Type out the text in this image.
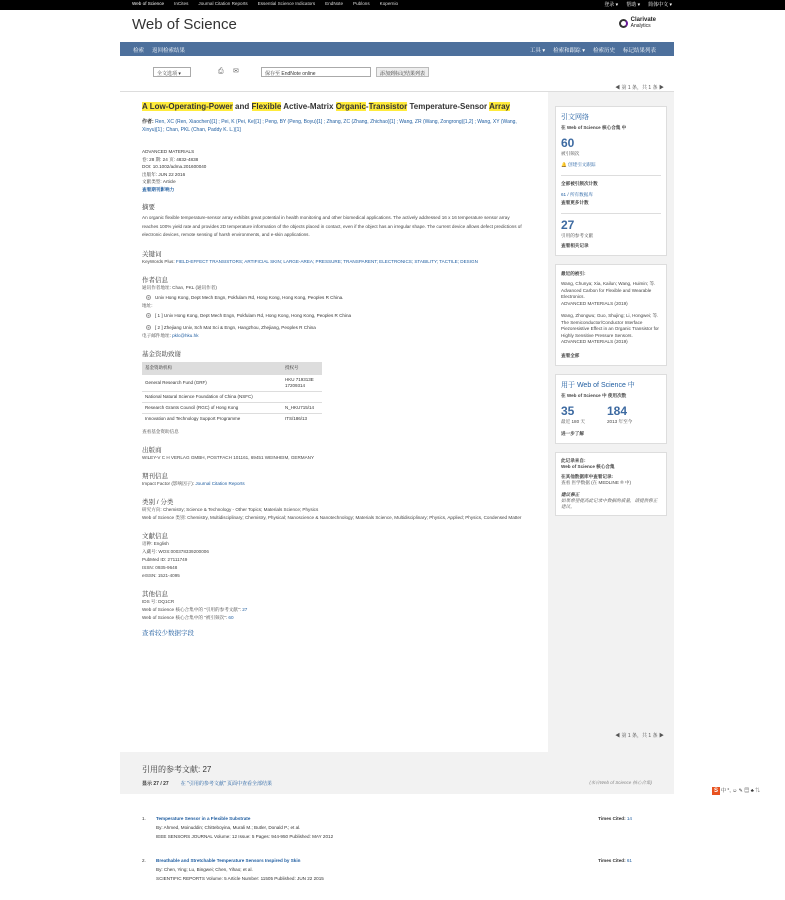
Web of Science InCites Journal Citation Reports Essential Science Indicators EndNote Publons Kopernio	登录 ▾ 帮助 ▾ 简体中文 ▾
Web of Science	Clarivate
Analytics
检索 返回检索结果	工具 ▾ 检索和跟踪 ▾ 检索历史 标记结果列表
全文选项 ▾	⎙	✉	保存至 EndNote online	添加到标记结果列表
◀ 第 1 条，共 1 条 ▶
A Low-Operating-Power and Flexible Active-Matrix Organic-Transistor Temperature-Sensor Array
作者: Ren, XC (Ren, Xiaochen)[1] ; Pei, K (Pei, Ke)[1] ; Peng, BY (Peng, Boyu)[1] ; Zhang, ZC (Zhang, Zhichao)[1] ; Wang, ZR (Wang, Zongrong)[1,2] ; Wang, XY (Wang, Xinyu)[1] ; Chan, PKL (Chan, Paddy K. L.)[1]
ADVANCED MATERIALS
卷: 28 期: 24 页: 4832-4838
DOI: 10.1002/adma.201600040
出版年: JUN 22 2016
文献类型: Article
查看期刊影响力
摘要
An organic flexible temperature-sensor array exhibits great potential in health monitoring and other biomedical applications. The actively addressed 16 x 16 temperature sensor array reaches 100% yield rate and provides 2D temperature information of the objects placed in contact, even if the object has an irregular shape. The current device allows defect predictions of electronic devices, remote sensing of harsh environments, and e-skin applications.
关键词
KeyWords Plus: FIELD-EFFECT TRANSISTORS; ARTIFICIAL SKIN; LARGE-AREA; PRESSURE; TRANSPARENT; ELECTRONICS; STABILITY; TACTILE; DESIGN
作者信息
通讯作者地址: Chan, PKL (通讯作者)
+ Univ Hong Kong, Dept Mech Engn, Pokfulam Rd, Hong Kong, Hong Kong, Peoples R China.
地址:
+ [ 1 ] Univ Hong Kong, Dept Mech Engn, Pokfulam Rd, Hong Kong, Hong Kong, Peoples R China
+ [ 2 ] Zhejiang Univ, Sch Mat Sci & Engn, Hangzhou, Zhejiang, Peoples R China
电子邮件地址: pklc@hku.hk
基金资助致谢
基金资助机构	授权号
General Research Fund (GRF)	HKU 719313E
17209314
National Natural Science Foundation of China (NSFC)	
Research Grants Council (RGC) of Hong Kong	N_HKU715/14
Innovation and Technology Support Programme	ITS/186/13
查看基金资助信息
出版商
WILEY-V C H VERLAG GMBH, POSTFACH 101161, 69451 WEINHEIM, GERMANY
期刊信息
Impact Factor (影响因子): Journal Citation Reports
类别 / 分类
研究方向: Chemistry; Science & Technology - Other Topics; Materials Science; Physics
Web of Science 类别: Chemistry, Multidisciplinary; Chemistry, Physical; Nanoscience & Nanotechnology; Materials Science, Multidisciplinary; Physics, Applied; Physics, Condensed Matter
文献信息
语种: English
入藏号: WOS:000378339200006
PubMed ID: 27111749
ISSN: 0935-9648
eISSN: 1521-4095
其他信息
IDS 号: DQ1CR
Web of Science 核心合集中的 "引用的参考文献": 27
Web of Science 核心合集中的 "被引频次": 60
查看较少数据字段
引文网络
在 Web of Science 核心合集 中
60
被引频次
🔔 创建引文跟踪
全部被引频次计数
61 / 所有数据库
查看更多计数
27
引用的参考文献
查看相关记录
最近的被引:
Wang, Chunya; Xia, Kailun; Wang, Huimin; 等.
Advanced Carbon for Flexible and Wearable Electronics.
ADVANCED MATERIALS (2019)
Wang, Zhongwu; Guo, Shujing; Li, Hongwei; 等.
The Semiconductor/Conductor Interface Piezoresistive Effect in an Organic Transistor for Highly Sensitive Pressure Sensors.
ADVANCED MATERIALS (2019)
查看全部
用于 Web of Science 中
在 Web of Science 中 使用次数
35
最近 180 天
184
2013 年至今
进一步了解
此记录来自:
Web of Science 核心合集
在其他数据库中查看记录:
查看 医学数据 (在 MEDLINE ® 中)
建议修正
如果希望提高此记录中数据的质量，请提供修正建议。
◀ 第 1 条，共 1 条 ▶
引用的参考文献: 27
显示 27 / 27 在 "引用的参考文献" 页面中查看全部结果	(来自Web of Science 核心合集)
1. Temperature Sensor in a Flexible Substrate
By: Ahmed, Moinuddin; Chitteboyina, Murali M.; Butler, Donald P.; et al.
IEEE SENSORS JOURNAL Volume: 12 Issue: 5 Pages: 944-950 Published: MAY 2012
Times Cited: 14
2. Breathable and Stretchable Temperature Sensors Inspired by Skin
By: Chen, Ying; Lu, Bingwei; Chen, Yihao; et al.
SCIENTIFIC REPORTS Volume: 5 Article Number: 11505 Published: JUN 22 2015
Times Cited: 61
S 中 °, ☺ ✎ ▤ ♣ ⇅
